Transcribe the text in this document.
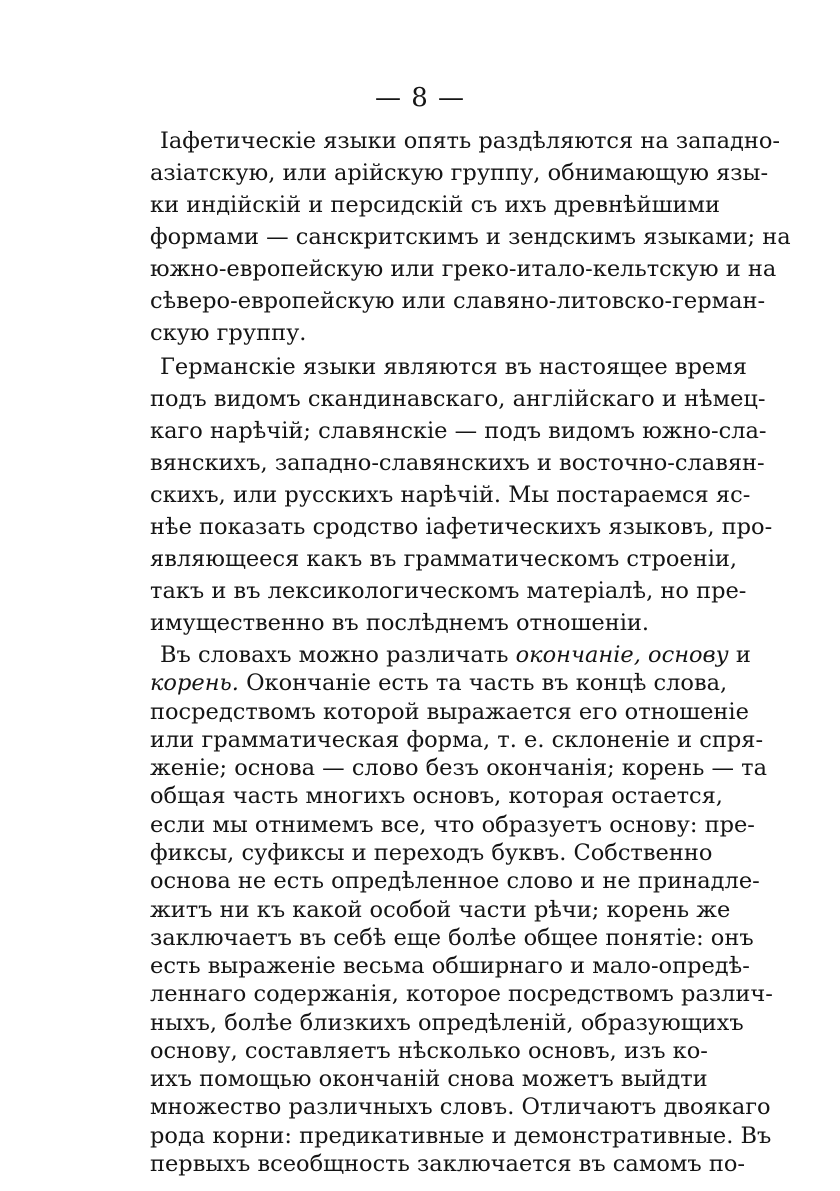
— 8 —
Iафетическiе языки опять раздѣляются на западно-
азiатскую, или арiйскую группу, обнимающую язы-
ки индiйскiй и персидскiй съ ихъ древнѣйшими
формами — санскритскимъ и зендскимъ языками; на
южно-европейскую или греко-итало-кельтскую и на
сѣверо-европейскую или славяно-литовско-герман-
скую группу.
Германскiе языки являются въ настоящее время
подъ видомъ скандинавскаго, англiйскаго и нѣмец-
каго нарѣчiй; славянскiе — подъ видомъ южно-сла-
вянскихъ, западно-славянскихъ и восточно-славян-
скихъ, или русскихъ нарѣчiй. Мы постараемся яс-
нѣе показать сродство iафетическихъ языковъ, про-
являющееся какъ въ грамматическомъ строенiи,
такъ и въ лексикологическомъ матерiалѣ, но пре-
имущественно въ послѣднемъ отношенiи.
Въ словахъ можно различать окончанiе, основу и
корень. Окончанiе есть та часть въ концѣ слова,
посредствомъ которой выражается его отношенiе
или грамматическая форма, т. е. склоненiе и спря-
женiе; основа — слово безъ окончанiя; корень — та
общая часть многихъ основъ, которая остается,
если мы отнимемъ все, что образуетъ основу: пре-
фиксы, суфиксы и переходъ буквъ. Собственно
основа не есть опредѣленное слово и не принадле-
житъ ни къ какой особой части рѣчи; корень же
заключаетъ въ себѣ еще болѣе общее понятiе: онъ
есть выраженiе весьма обширнаго и мало-опредѣ-
леннаго содержанiя, которое посредствомъ различ-
ныхъ, болѣе близкихъ опредѣленiй, образующихъ
основу, составляетъ нѣсколько основъ, изъ ко-
ихъ помощью окончанiй снова можетъ выйдти
множество различныхъ словъ. Отличаютъ двоякаго
рода корни: предикативные и демонстративные. Въ
первыхъ всеобщность заключается въ самомъ по-
